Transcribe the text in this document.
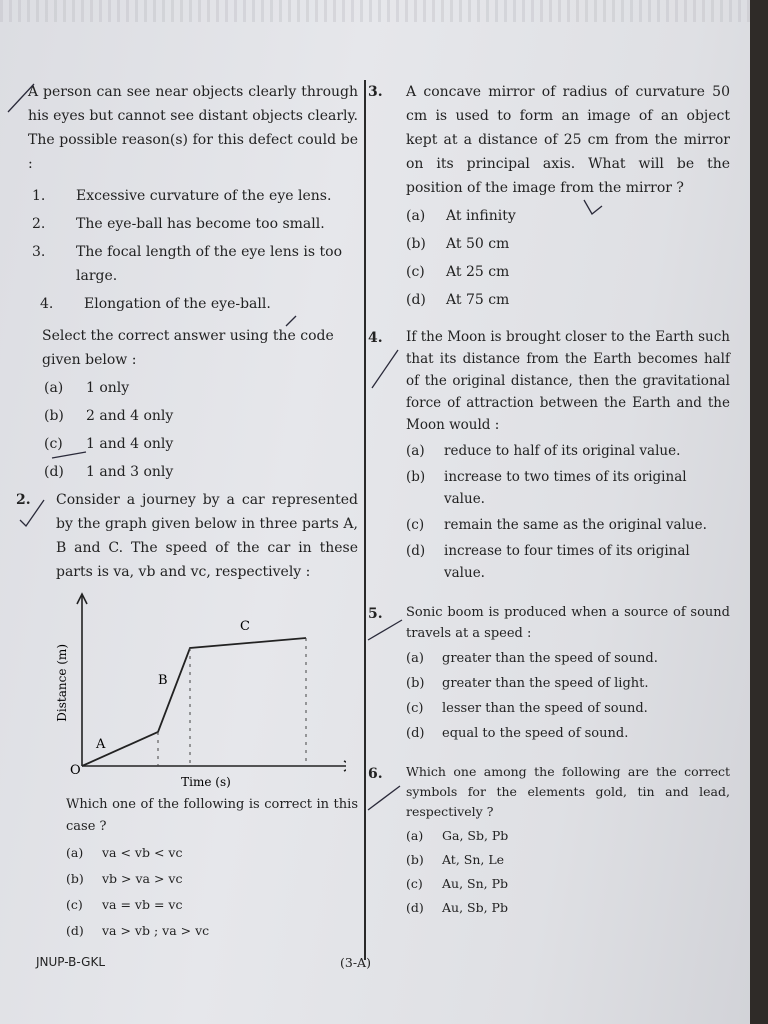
A person can see near objects clearly through his eyes but cannot see distant objects clearly. The possible reason(s) for this defect could be :

1.	Excessive curvature of the eye lens.
2.	The eye-ball has become too small.
3.	The focal length of the eye lens is too large.
4.	Elongation of the eye-ball.

Select the correct answer using the code given below :

(a)	1 only
(b)	2 and 4 only
(c)	1 and 4 only
(d)	1 and 3 only
2.	Consider a journey by a car represented by the graph given below in three parts A, B and C. The speed of the car in these parts is va, vb and vc, respectively :

Distance (m)
Time (s)
O
A
B
C

Which one of the following is correct in this case ?

(a)	va < vb < vc
(b)	vb > va > vc
(c)	va = vb = vc
(d)	va > vb ; va > vc
3.	A concave mirror of radius of curvature 50 cm is used to form an image of an object kept at a distance of 25 cm from the mirror on its principal axis. What will be the position of the image from the mirror ?

(a)	At infinity
(b)	At 50 cm
(c)	At 25 cm
(d)	At 75 cm
4.	If the Moon is brought closer to the Earth such that its distance from the Earth becomes half of the original distance, then the gravitational force of attraction between the Earth and the Moon would :

(a)	reduce to half of its original value.
(b)	increase to two times of its original value.
(c)	remain the same as the original value.
(d)	increase to four times of its original value.
5.	Sonic boom is produced when a source of sound travels at a speed :

(a)	greater than the speed of sound.
(b)	greater than the speed of light.
(c)	lesser than the speed of sound.
(d)	equal to the speed of sound.
6.	Which one among the following are the correct symbols for the elements gold, tin and lead, respectively ?

(a)	Ga, Sb, Pb
(b)	At, Sn, Le
(c)	Au, Sn, Pb
(d)	Au, Sb, Pb
JNUP-B-GKL	(3-A)
